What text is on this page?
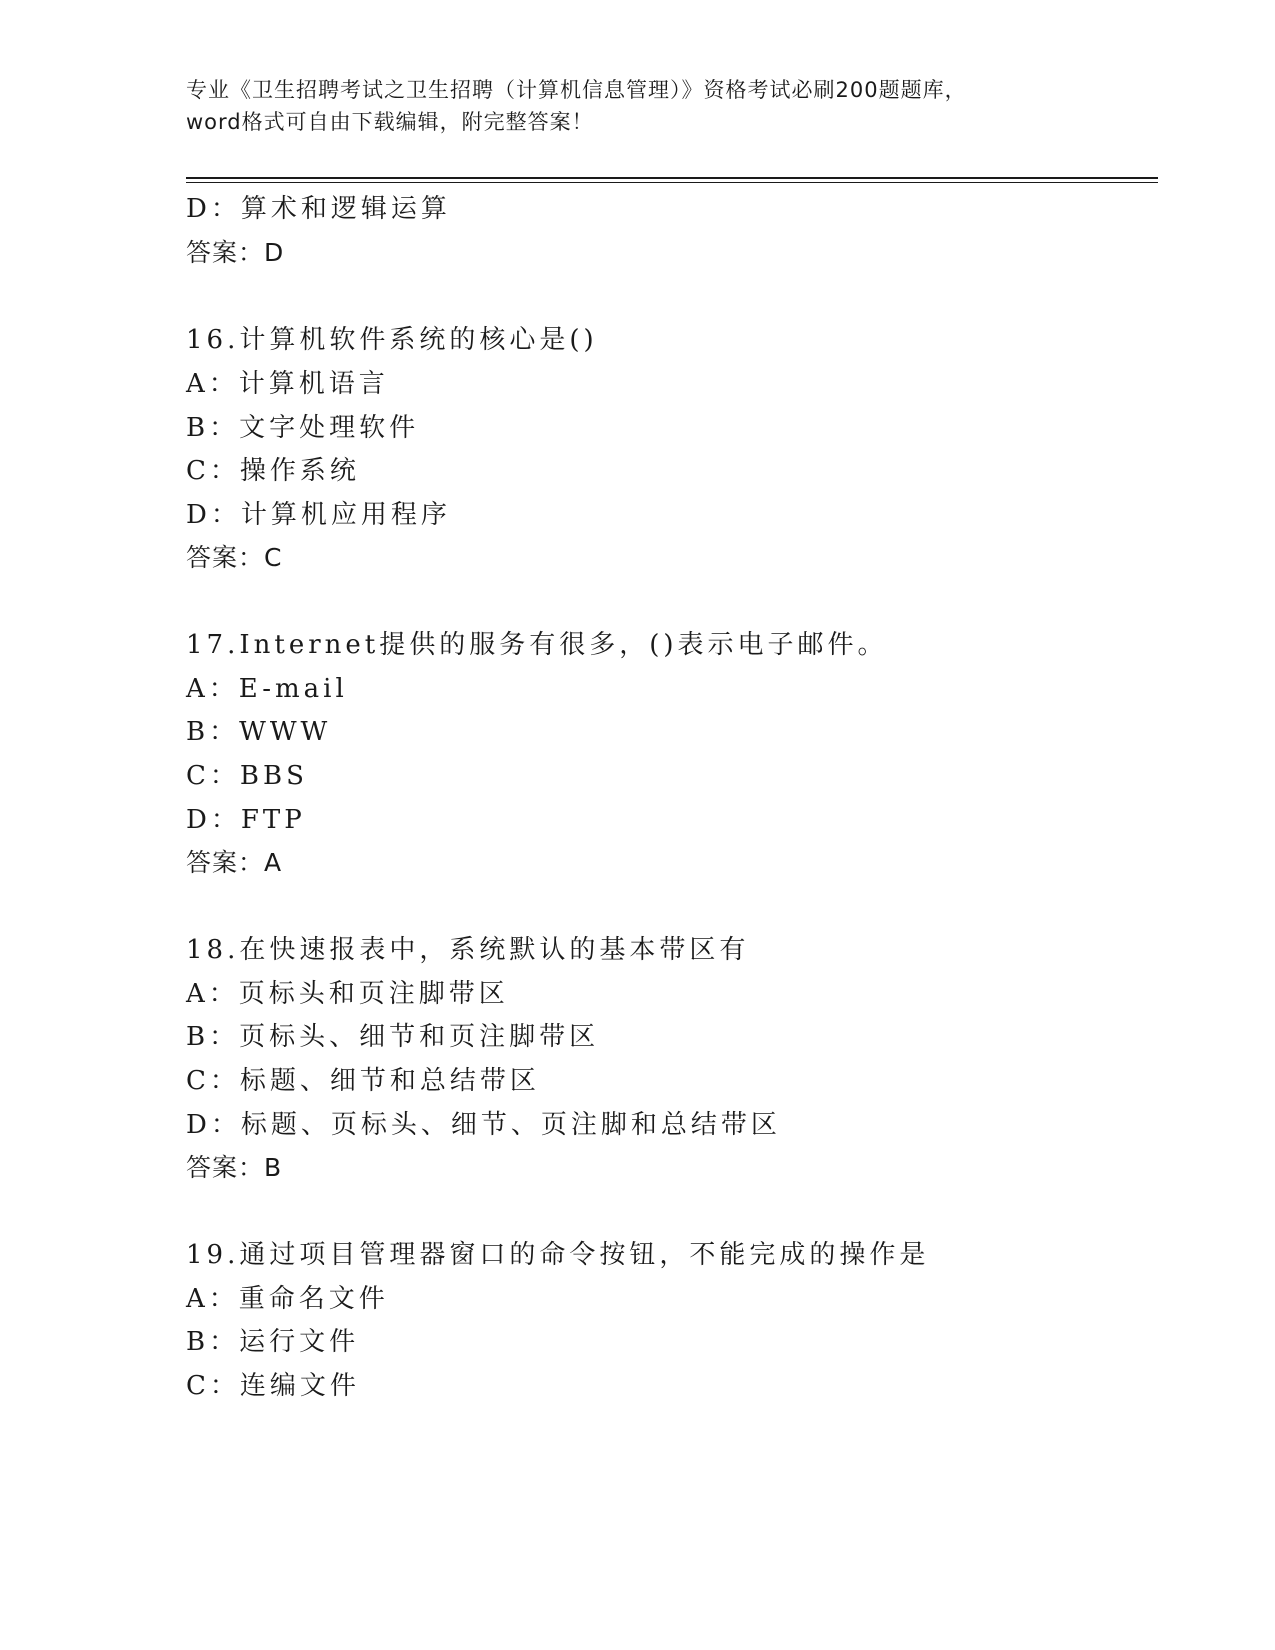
专业《卫生招聘考试之卫生招聘（计算机信息管理）》资格考试必刷200题题库，
word格式可自由下载编辑，附完整答案！
D：算术和逻辑运算
答案：D
16.计算机软件系统的核心是()
A：计算机语言
B：文字处理软件
C：操作系统
D：计算机应用程序
答案：C
17.Internet提供的服务有很多，()表示电子邮件。
A：E-mail
B：WWW
C：BBS
D：FTP
答案：A
18.在快速报表中，系统默认的基本带区有
A：页标头和页注脚带区
B：页标头、细节和页注脚带区
C：标题、细节和总结带区
D：标题、页标头、细节、页注脚和总结带区
答案：B
19.通过项目管理器窗口的命令按钮，不能完成的操作是
A：重命名文件
B：运行文件
C：连编文件
